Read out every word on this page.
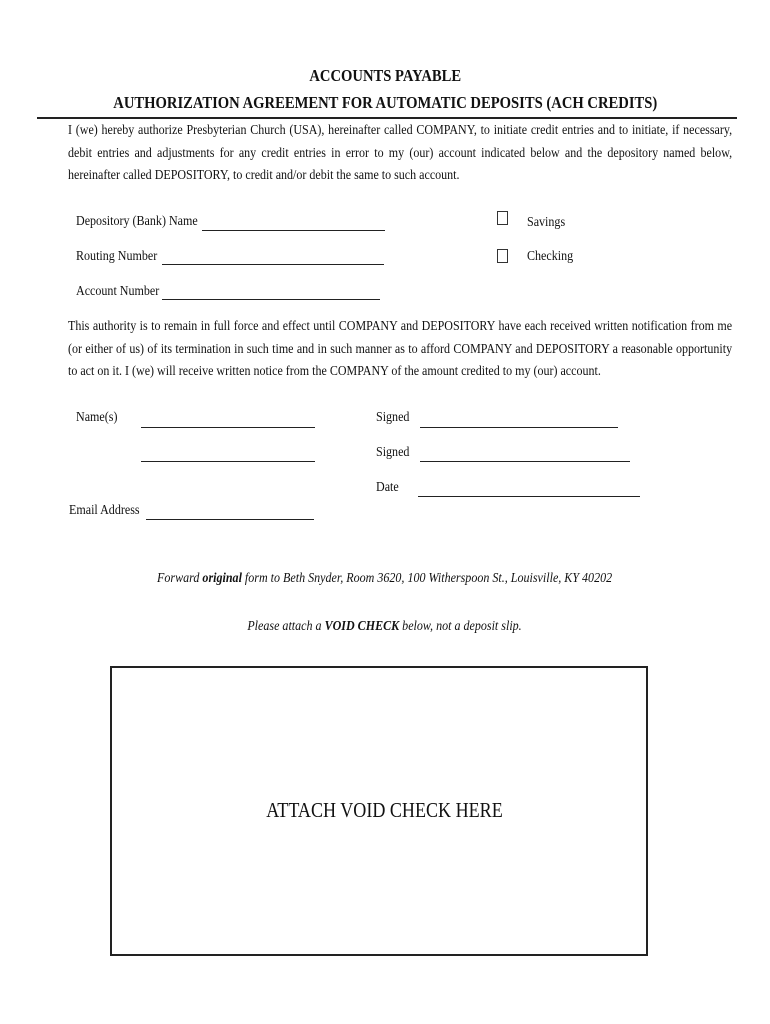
ACCOUNTS PAYABLE
AUTHORIZATION AGREEMENT FOR AUTOMATIC DEPOSITS (ACH CREDITS)
I (we) hereby authorize Presbyterian Church (USA), hereinafter called COMPANY, to initiate credit entries and to initiate, if necessary, debit entries and adjustments for any credit entries in error to my (our) account indicated below and the depository named below, hereinafter called DEPOSITORY, to credit and/or debit the same to such account.
Depository (Bank) Name
Routing Number
Account Number
Savings
Checking
This authority is to remain in full force and effect until COMPANY and DEPOSITORY have each received written notification from me (or either of us) of its termination in such time and in such manner as to afford COMPANY and DEPOSITORY a reasonable opportunity to act on it. I (we) will receive written notice from the COMPANY of the amount credited to my (our) account.
Name(s)	Signed
Signed
Date
Email Address
Forward original form to Beth Snyder, Room 3620, 100 Witherspoon St., Louisville, KY 40202
Please attach a VOID CHECK below, not a deposit slip.
ATTACH VOID CHECK HERE
